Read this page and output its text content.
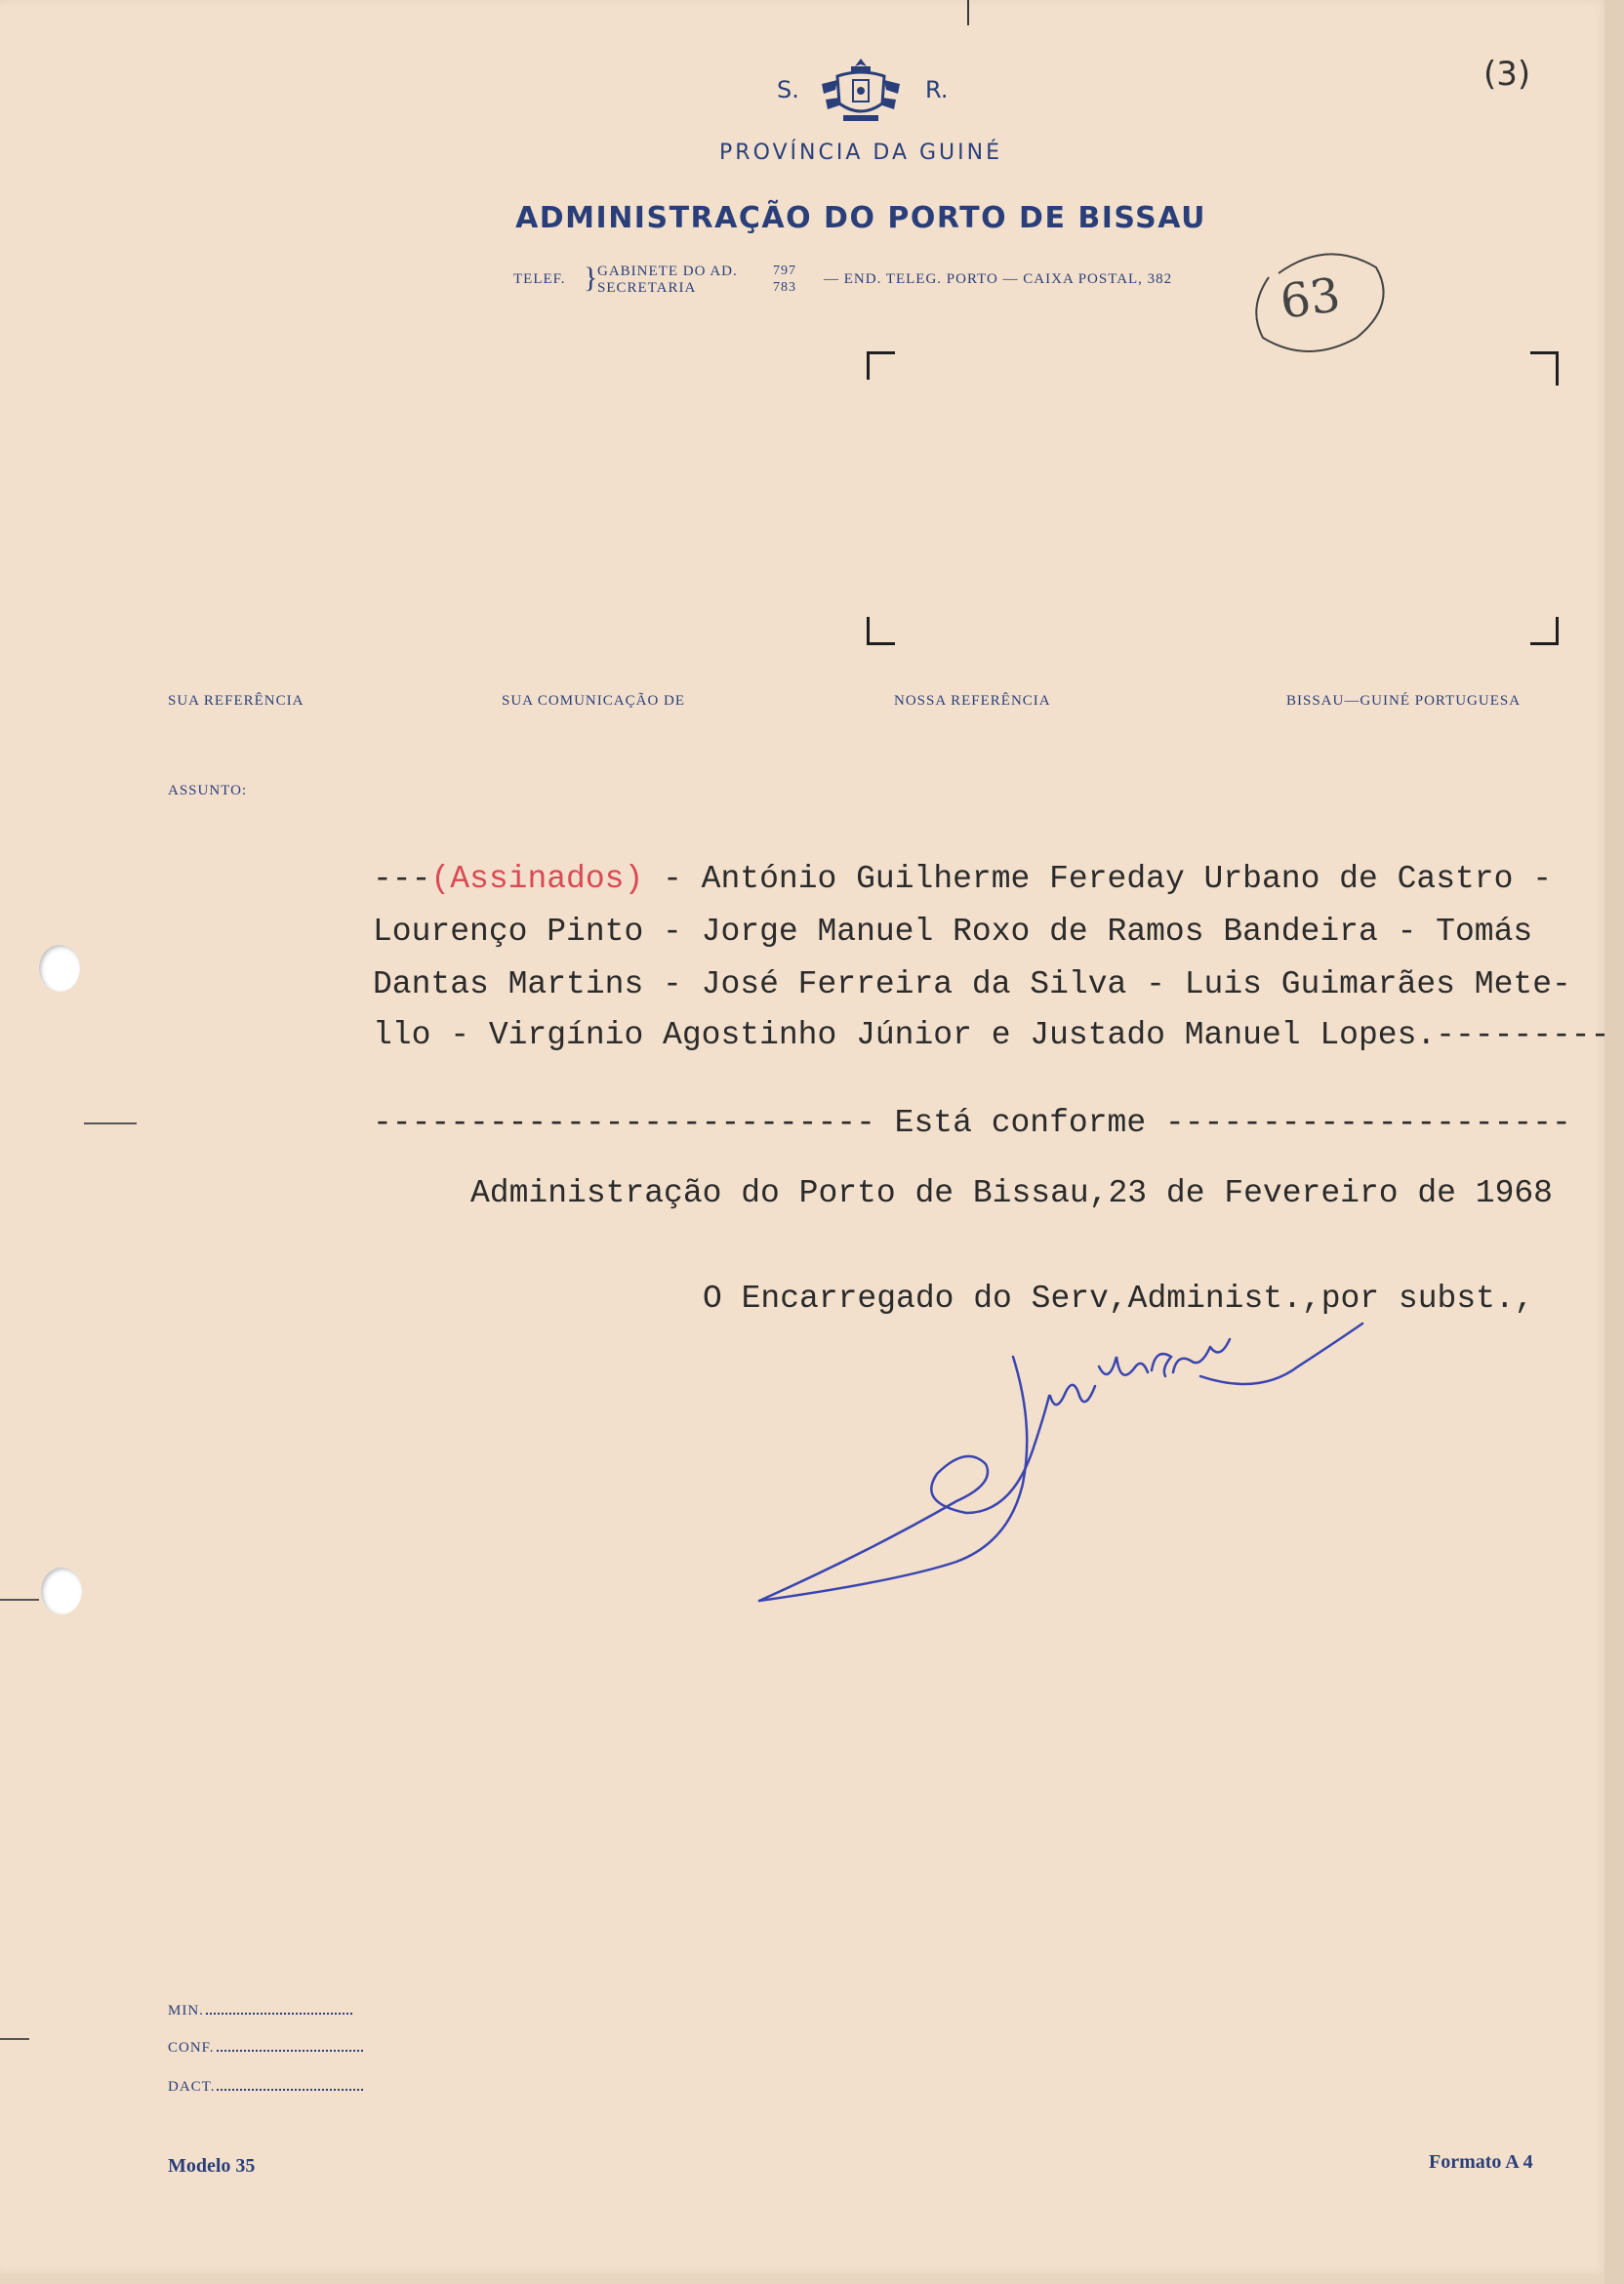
S.	R.
PROVÍNCIA DA GUINÉ
ADMINISTRAÇÃO DO PORTO DE BISSAU
TELEF. }
GABINETE DO AD.	797
SECRETARIA	783
— END. TELEG. PORTO — CAIXA POSTAL, 382
(3)
63
SUA REFERÊNCIA	SUA COMUNICAÇÃO DE	NOSSA REFERÊNCIA	BISSAU—GUINÉ PORTUGUESA
ASSUNTO:
---(Assinados) - António Guilherme Fereday Urbano de Castro -
Lourenço Pinto - Jorge Manuel Roxo de Ramos Bandeira - Tomás
Dantas Martins - José Ferreira da Silva - Luis Guimarães Mete-
llo - Virgínio Agostinho Júnior e Justado Manuel Lopes.---------
-------------------------- Está conforme ---------------------
Administração do Porto de Bissau,23 de Fevereiro de 1968
O Encarregado do Serv,Administ.,por subst.,
MIN.
CONF.
DACT.
Modelo 35	Formato A 4
